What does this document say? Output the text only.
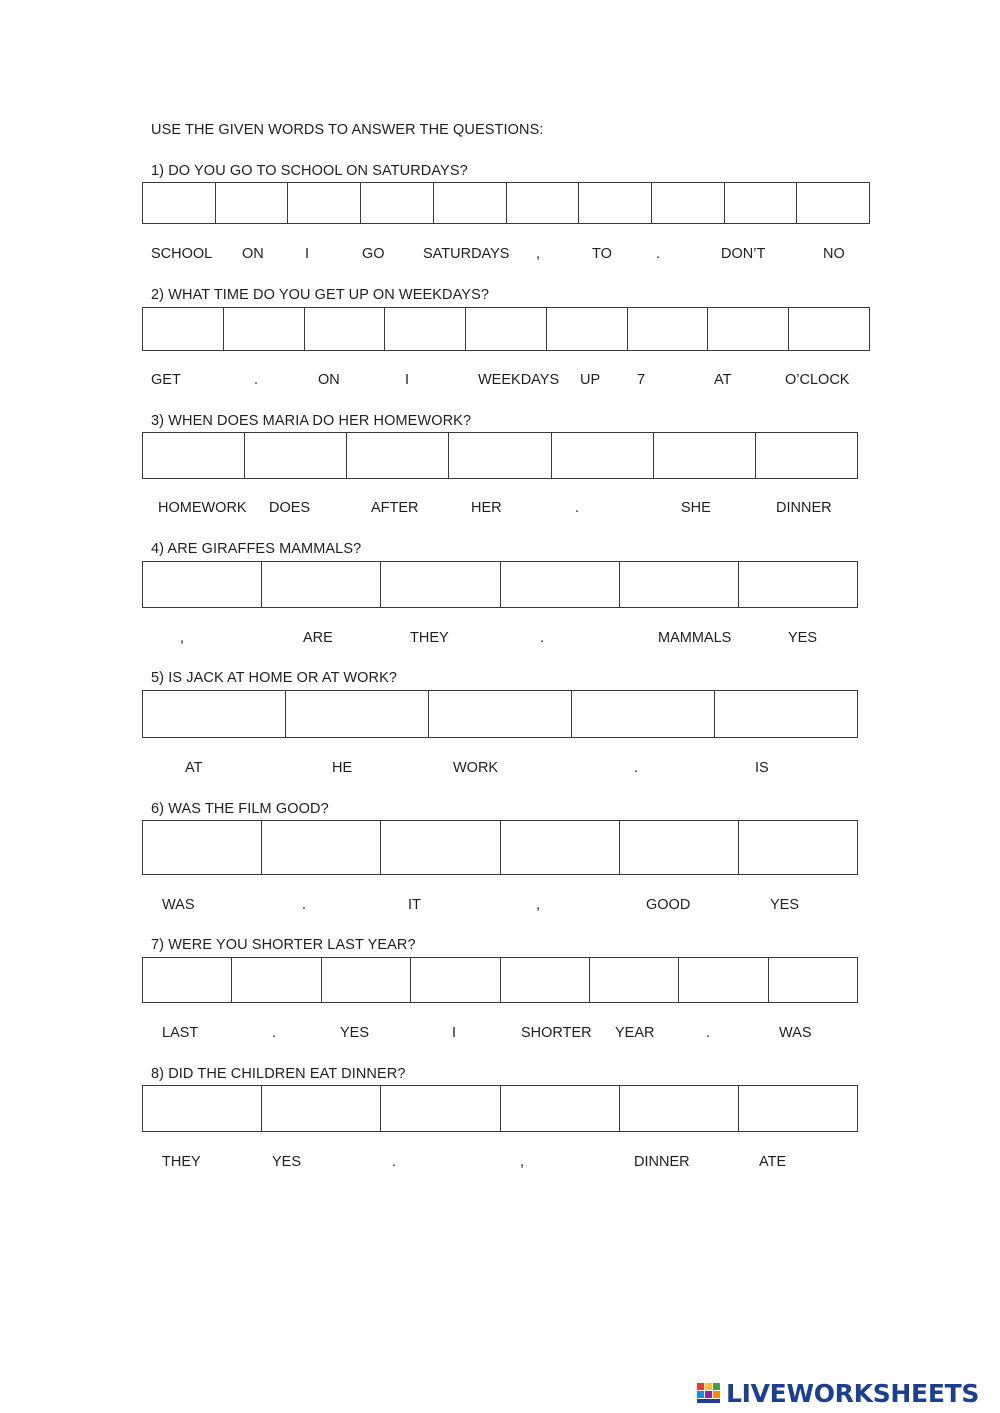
USE THE GIVEN WORDS TO ANSWER THE QUESTIONS:
1) DO YOU GO TO SCHOOL ON SATURDAYS?
SCHOOL ON	I	GO	SATURDAYS ,	TO	.	DON’T	NO
2) WHAT TIME DO YOU GET UP ON WEEKDAYS?
GET	.	ON	I	WEEKDAYS UP	7	AT	O’CLOCK
3) WHEN DOES MARIA DO HER HOMEWORK?
HOMEWORK DOES	AFTER	HER	.	SHE	DINNER
4) ARE GIRAFFES MAMMALS?
,	ARE	THEY	.	MAMMALS	YES
5) IS JACK AT HOME OR AT WORK?
AT	HE	WORK	.	IS
6) WAS THE FILM GOOD?
WAS	.	IT	,	GOOD	YES
7) WERE YOU SHORTER LAST YEAR?
LAST	.	YES	I	SHORTER YEAR	.	WAS
8) DID THE CHILDREN EAT DINNER?
THEY	YES	.	,	DINNER	ATE
LIVEWORKSHEETS
